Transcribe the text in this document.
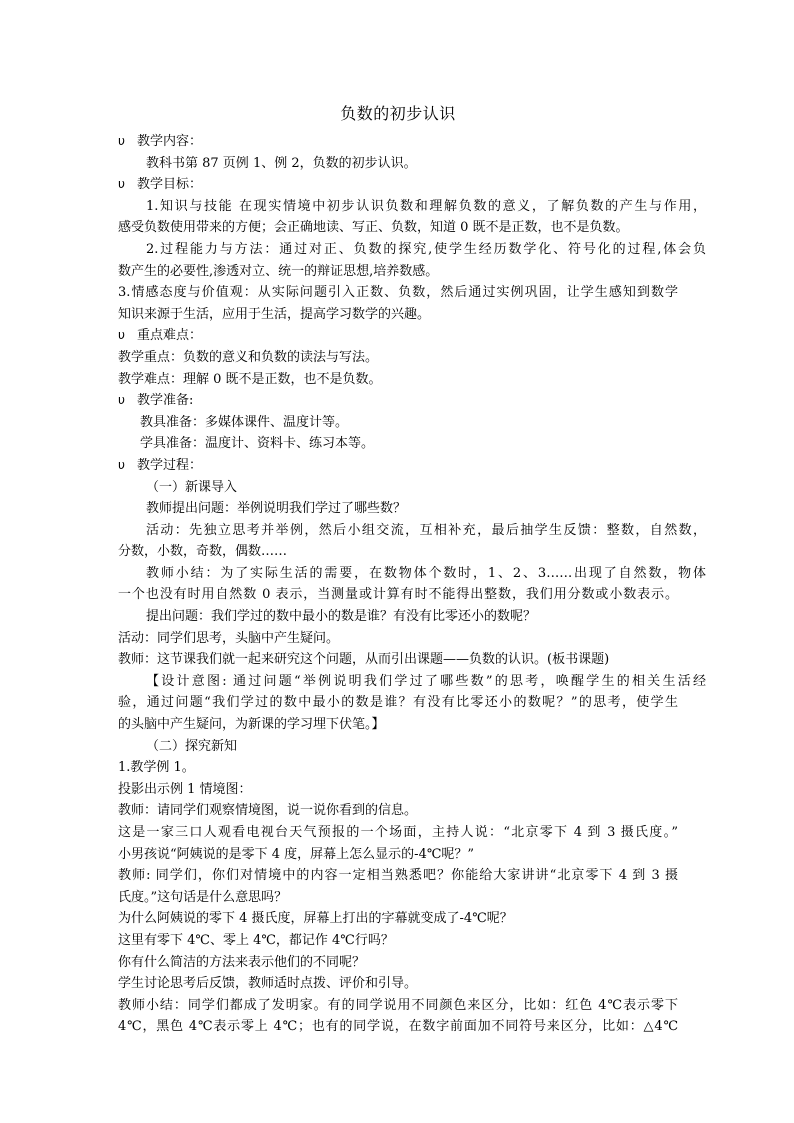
负数的初步认识
υ 教学内容：
教科书第 87 页例 1、例 2，负数的初步认识。
υ 教学目标：
1.知识与技能 在现实情境中初步认识负数和理解负数的意义，了解负数的产生与作用，
感受负数使用带来的方便；会正确地读、写正、负数，知道 0 既不是正数，也不是负数。
2.过程能力与方法：通过对正、负数的探究,使学生经历数学化、符号化的过程,体会负
数产生的必要性,渗透对立、统一的辩证思想,培养数感。
3.情感态度与价值观：从实际问题引入正数、负数，然后通过实例巩固，让学生感知到数学
知识来源于生活，应用于生活，提高学习数学的兴趣。
υ 重点难点：
教学重点：负数的意义和负数的读法与写法。
教学难点：理解 0 既不是正数，也不是负数。
υ 教学准备:
教具准备：多媒体课件、温度计等。
学具准备：温度计、资料卡、练习本等。
υ 教学过程：
（一）新课导入
教师提出问题：举例说明我们学过了哪些数？
活动：先独立思考并举例，然后小组交流，互相补充，最后抽学生反馈：整数，自然数，
分数，小数，奇数，偶数……
教师小结：为了实际生活的需要，在数物体个数时，1、2、3……出现了自然数，物体
一个也没有时用自然数 0 表示，当测量或计算有时不能得出整数，我们用分数或小数表示。
提出问题：我们学过的数中最小的数是谁？有没有比零还小的数呢？
活动：同学们思考，头脑中产生疑问。
教师：这节课我们就一起来研究这个问题，从而引出课题——负数的认识。(板书课题)
【设计意图: 通过问题“举例说明我们学过了哪些数”的思考，唤醒学生的相关生活经
验，通过问题“我们学过的数中最小的数是谁？有没有比零还小的数呢？”的思考，使学生
的头脑中产生疑问，为新课的学习埋下伏笔。】
（二）探究新知
1.教学例 1。
投影出示例 1 情境图：
教师：请同学们观察情境图，说一说你看到的信息。
这是一家三口人观看电视台天气预报的一个场面，主持人说：“北京零下 4 到 3 摄氏度。”
小男孩说“阿姨说的是零下 4 度，屏幕上怎么显示的-4℃呢？”
教师: 同学们，你们对情境中的内容一定相当熟悉吧？你能给大家讲讲“北京零下 4 到 3 摄
氏度。”这句话是什么意思吗？
为什么阿姨说的零下 4 摄氏度，屏幕上打出的字幕就变成了-4℃呢？
这里有零下 4℃、零上 4℃，都记作 4℃行吗？
你有什么简洁的方法来表示他们的不同呢？
学生讨论思考后反馈，教师适时点拨、评价和引导。
教师小结：同学们都成了发明家。有的同学说用不同颜色来区分，比如：红色 4℃表示零下
4℃，黑色 4℃表示零上 4℃；也有的同学说，在数字前面加不同符号来区分，比如：△4℃
